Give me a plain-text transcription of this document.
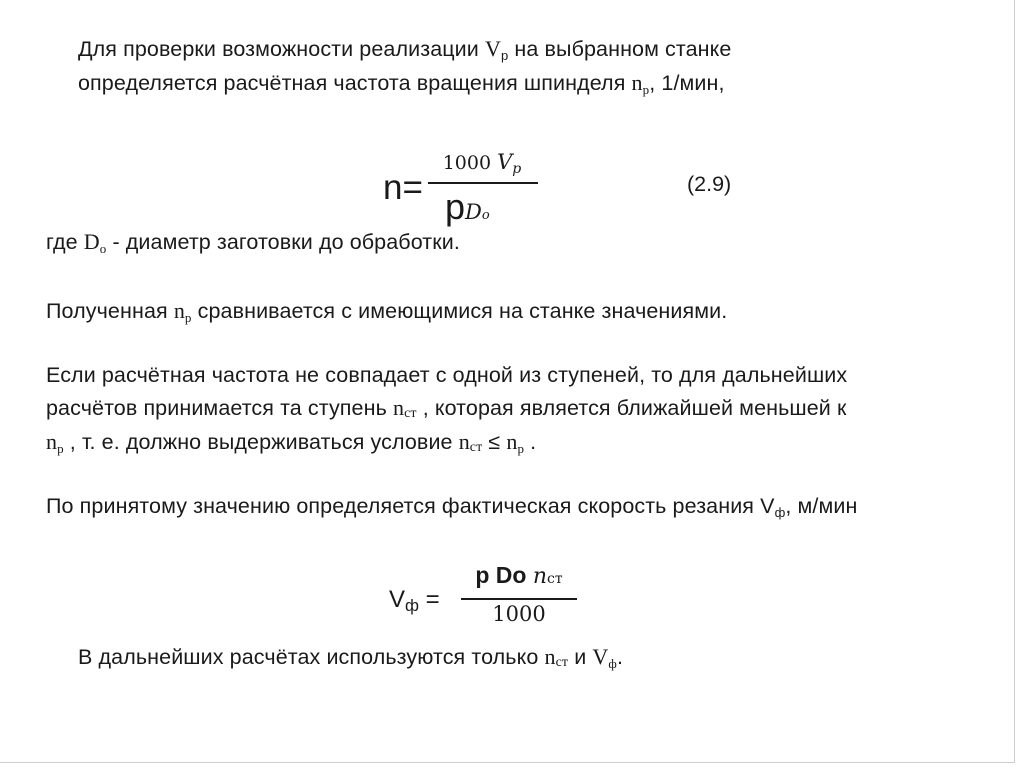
Для проверки возможности реализации $V_p$ на выбранном станке
определяется расчётная частота вращения шпинделя np, 1/мин,
n=
1000 Vp
pDo
(2.9)
где Do - диаметр заготовки до обработки.
Полученная np сравнивается с имеющимися на станке значениями.
Если расчётная частота не совпадает с одной из ступеней, то для дальнейших
расчётов принимается та ступень nст , которая является ближайшей меньшей к
np , т. е. должно выдерживаться условие nст ≤ np .
По принятому значению определяется фактическая скорость резания $V_ф$, м/мин
Vф =
p Do nст
1000
В дальнейших расчётах используются только nст и Vф.
